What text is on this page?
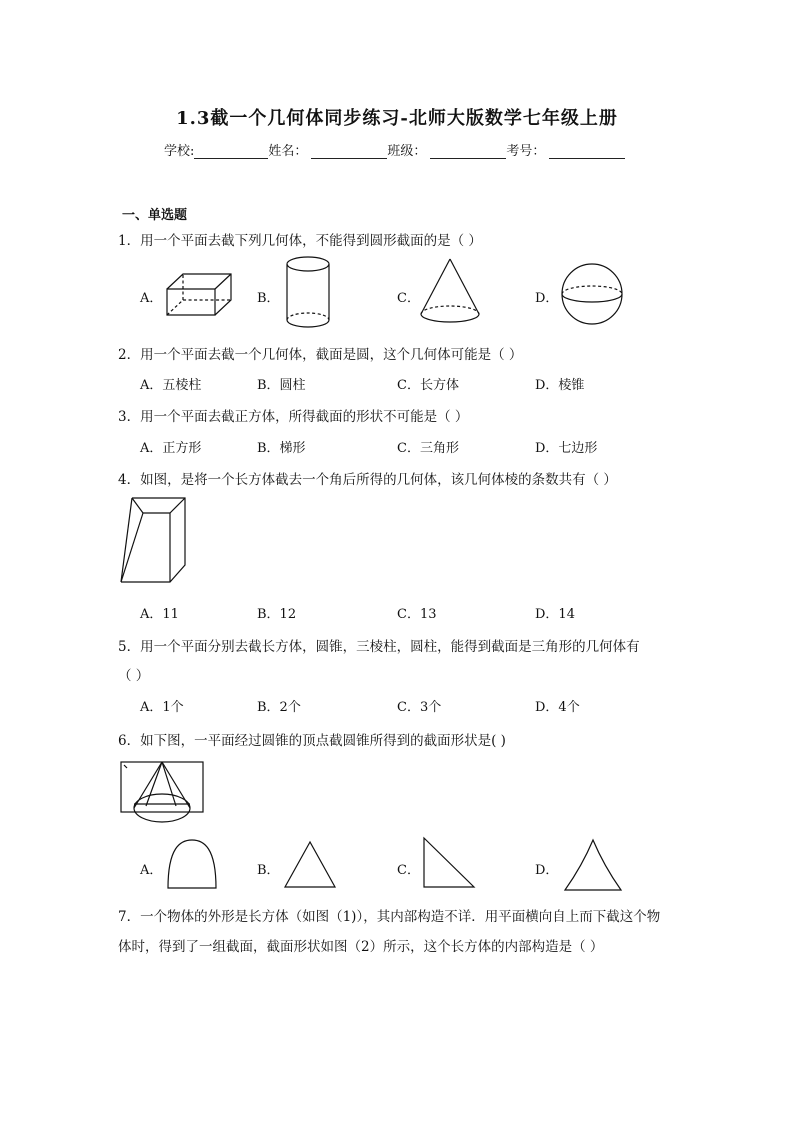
1.3截一个几何体同步练习-北师大版数学七年级上册
学校:	姓名：	班级：	考号：
一、单选题
1．用一个平面去截下列几何体，不能得到圆形截面的是（ ）
A．	B．	C．	D．
2．用一个平面去截一个几何体，截面是圆，这个几何体可能是（ ）
A．五棱柱	B．圆柱	C．长方体	D．棱锥
3．用一个平面去截正方体，所得截面的形状不可能是（ ）
A．正方形	B．梯形	C．三角形	D．七边形
4．如图，是将一个长方体截去一个角后所得的几何体，该几何体棱的条数共有（ ）
A．11	B．12	C．13	D．14
5．用一个平面分别去截长方体，圆锥，三棱柱，圆柱，能得到截面是三角形的几何体有
（ ）
A．1个	B．2个	C．3个	D．4个
6．如下图，一平面经过圆锥的顶点截圆锥所得到的截面形状是( )
A．	B．	C．	D．
7．一个物体的外形是长方体（如图（1)），其内部构造不详．用平面横向自上而下截这个物
体时，得到了一组截面，截面形状如图（2）所示，这个长方体的内部构造是（ ）
